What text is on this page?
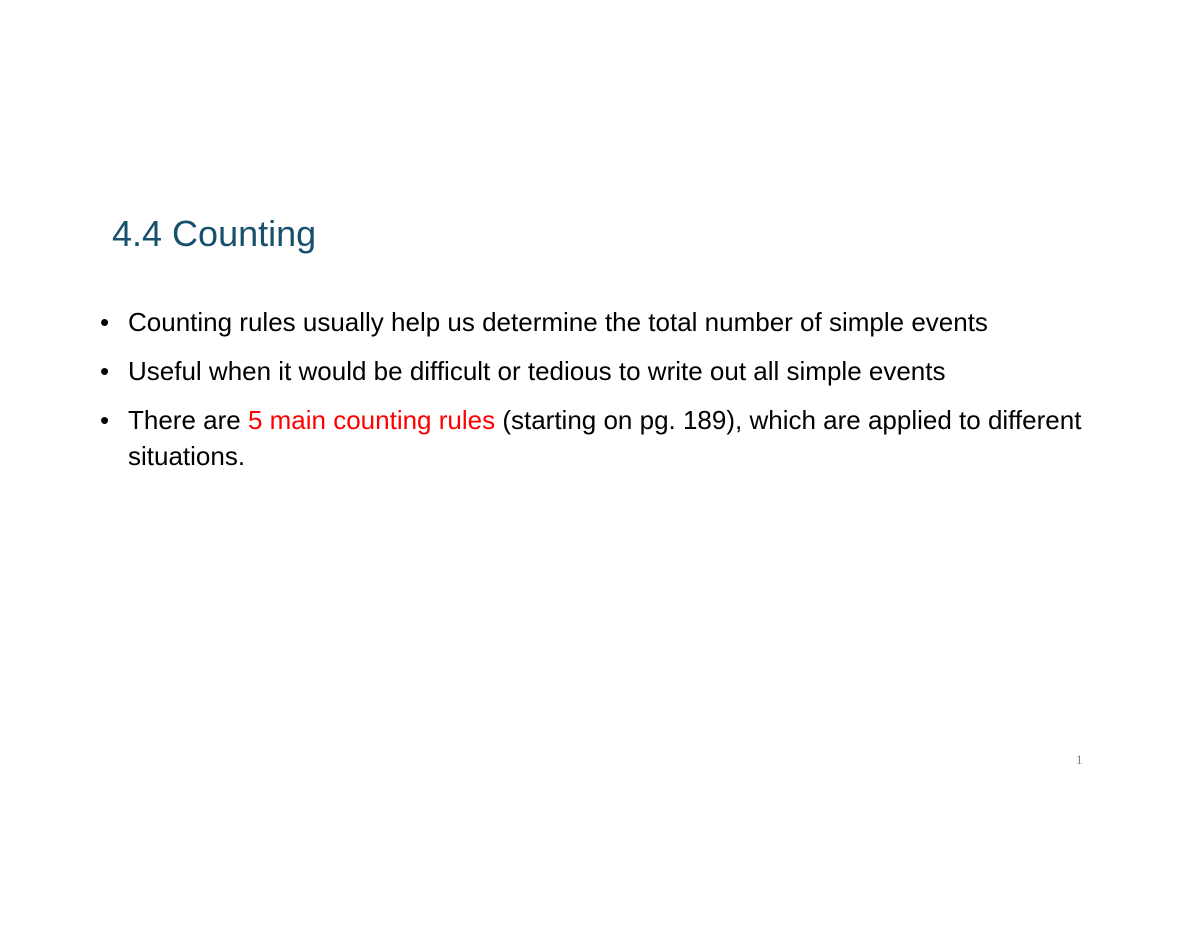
4.4 Counting
• Counting rules usually help us determine the total number of simple events
• Useful when it would be difficult or tedious to write out all simple events
• There are 5 main counting rules (starting on pg. 189), which are applied to different situations.
1
